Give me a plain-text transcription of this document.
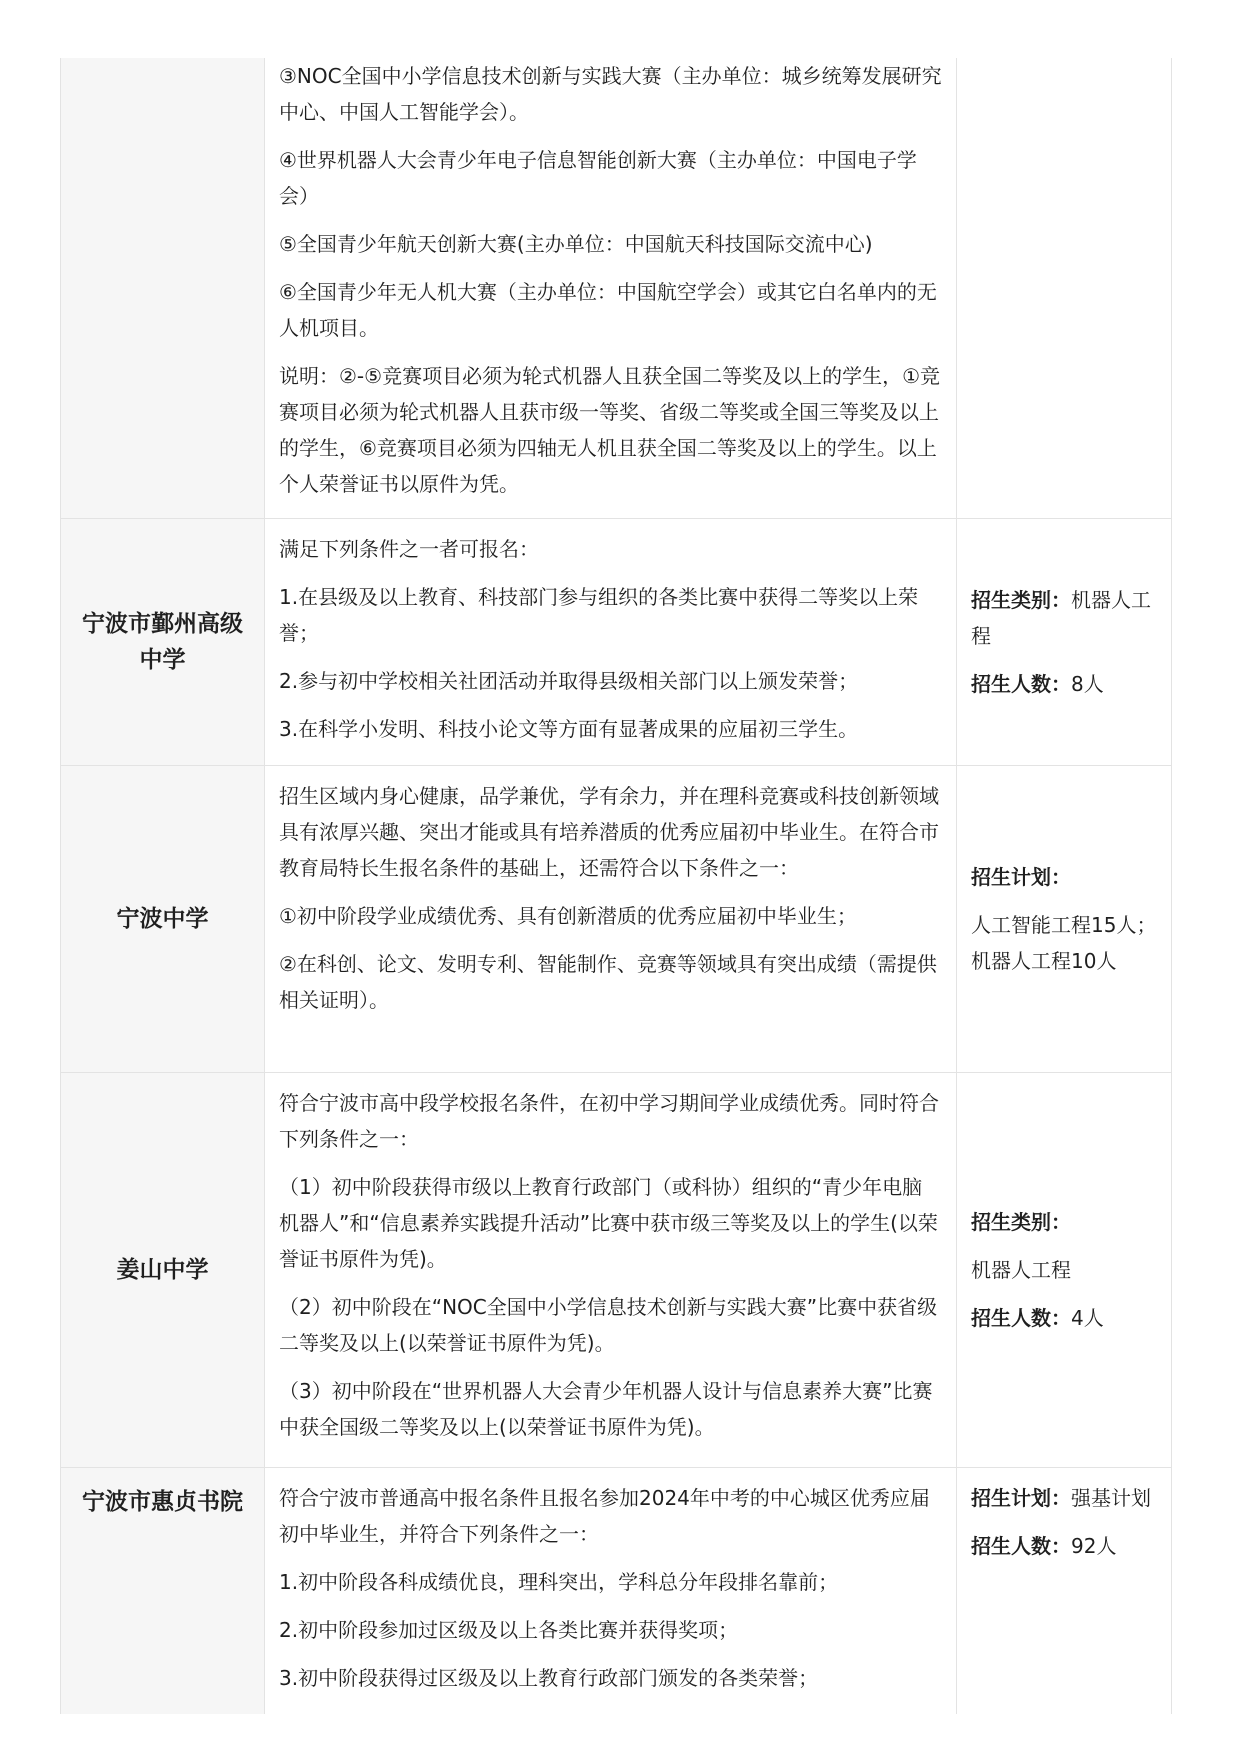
③NOC全国中小学信息技术创新与实践大赛（主办单位：城乡统筹发展研究中心、中国人工智能学会）。

④世界机器人大会青少年电子信息智能创新大赛（主办单位：中国电子学会）

⑤全国青少年航天创新大赛(主办单位：中国航天科技国际交流中心)

⑥全国青少年无人机大赛（主办单位：中国航空学会）或其它白名单内的无人机项目。

说明：②-⑤竞赛项目必须为轮式机器人且获全国二等奖及以上的学生，①竞赛项目必须为轮式机器人且获市级一等奖、省级二等奖或全国三等奖及以上的学生，⑥竞赛项目必须为四轴无人机且获全国二等奖及以上的学生。以上个人荣誉证书以原件为凭。

宁波市鄞州高级中学

满足下列条件之一者可报名：

1.在县级及以上教育、科技部门参与组织的各类比赛中获得二等奖以上荣誉；

2.参与初中学校相关社团活动并取得县级相关部门以上颁发荣誉；

3.在科学小发明、科技小论文等方面有显著成果的应届初三学生。

招生类别：机器人工程

招生人数：8人

宁波中学

招生区域内身心健康，品学兼优，学有余力，并在理科竞赛或科技创新领域具有浓厚兴趣、突出才能或具有培养潜质的优秀应届初中毕业生。在符合市教育局特长生报名条件的基础上，还需符合以下条件之一：

①初中阶段学业成绩优秀、具有创新潜质的优秀应届初中毕业生；

②在科创、论文、发明专利、智能制作、竞赛等领域具有突出成绩（需提供相关证明）。

招生计划：

人工智能工程15人；机器人工程10人

姜山中学

符合宁波市高中段学校报名条件，在初中学习期间学业成绩优秀。同时符合下列条件之一：

（1）初中阶段获得市级以上教育行政部门（或科协）组织的“青少年电脑机器人”和“信息素养实践提升活动”比赛中获市级三等奖及以上的学生(以荣誉证书原件为凭)。

（2）初中阶段在“NOC全国中小学信息技术创新与实践大赛”比赛中获省级二等奖及以上(以荣誉证书原件为凭)。

（3）初中阶段在“世界机器人大会青少年机器人设计与信息素养大赛”比赛中获全国级二等奖及以上(以荣誉证书原件为凭)。

招生类别：

机器人工程

招生人数：4人

宁波市惠贞书院	符合宁波市普通高中报名条件且报名参加2024年中考的中心城区优秀应届初中毕业生，并符合下列条件之一：

1.初中阶段各科成绩优良，理科突出，学科总分年段排名靠前；

2.初中阶段参加过区级及以上各类比赛并获得奖项；

3.初中阶段获得过区级及以上教育行政部门颁发的各类荣誉；

招生计划：强基计划

招生人数：92人
